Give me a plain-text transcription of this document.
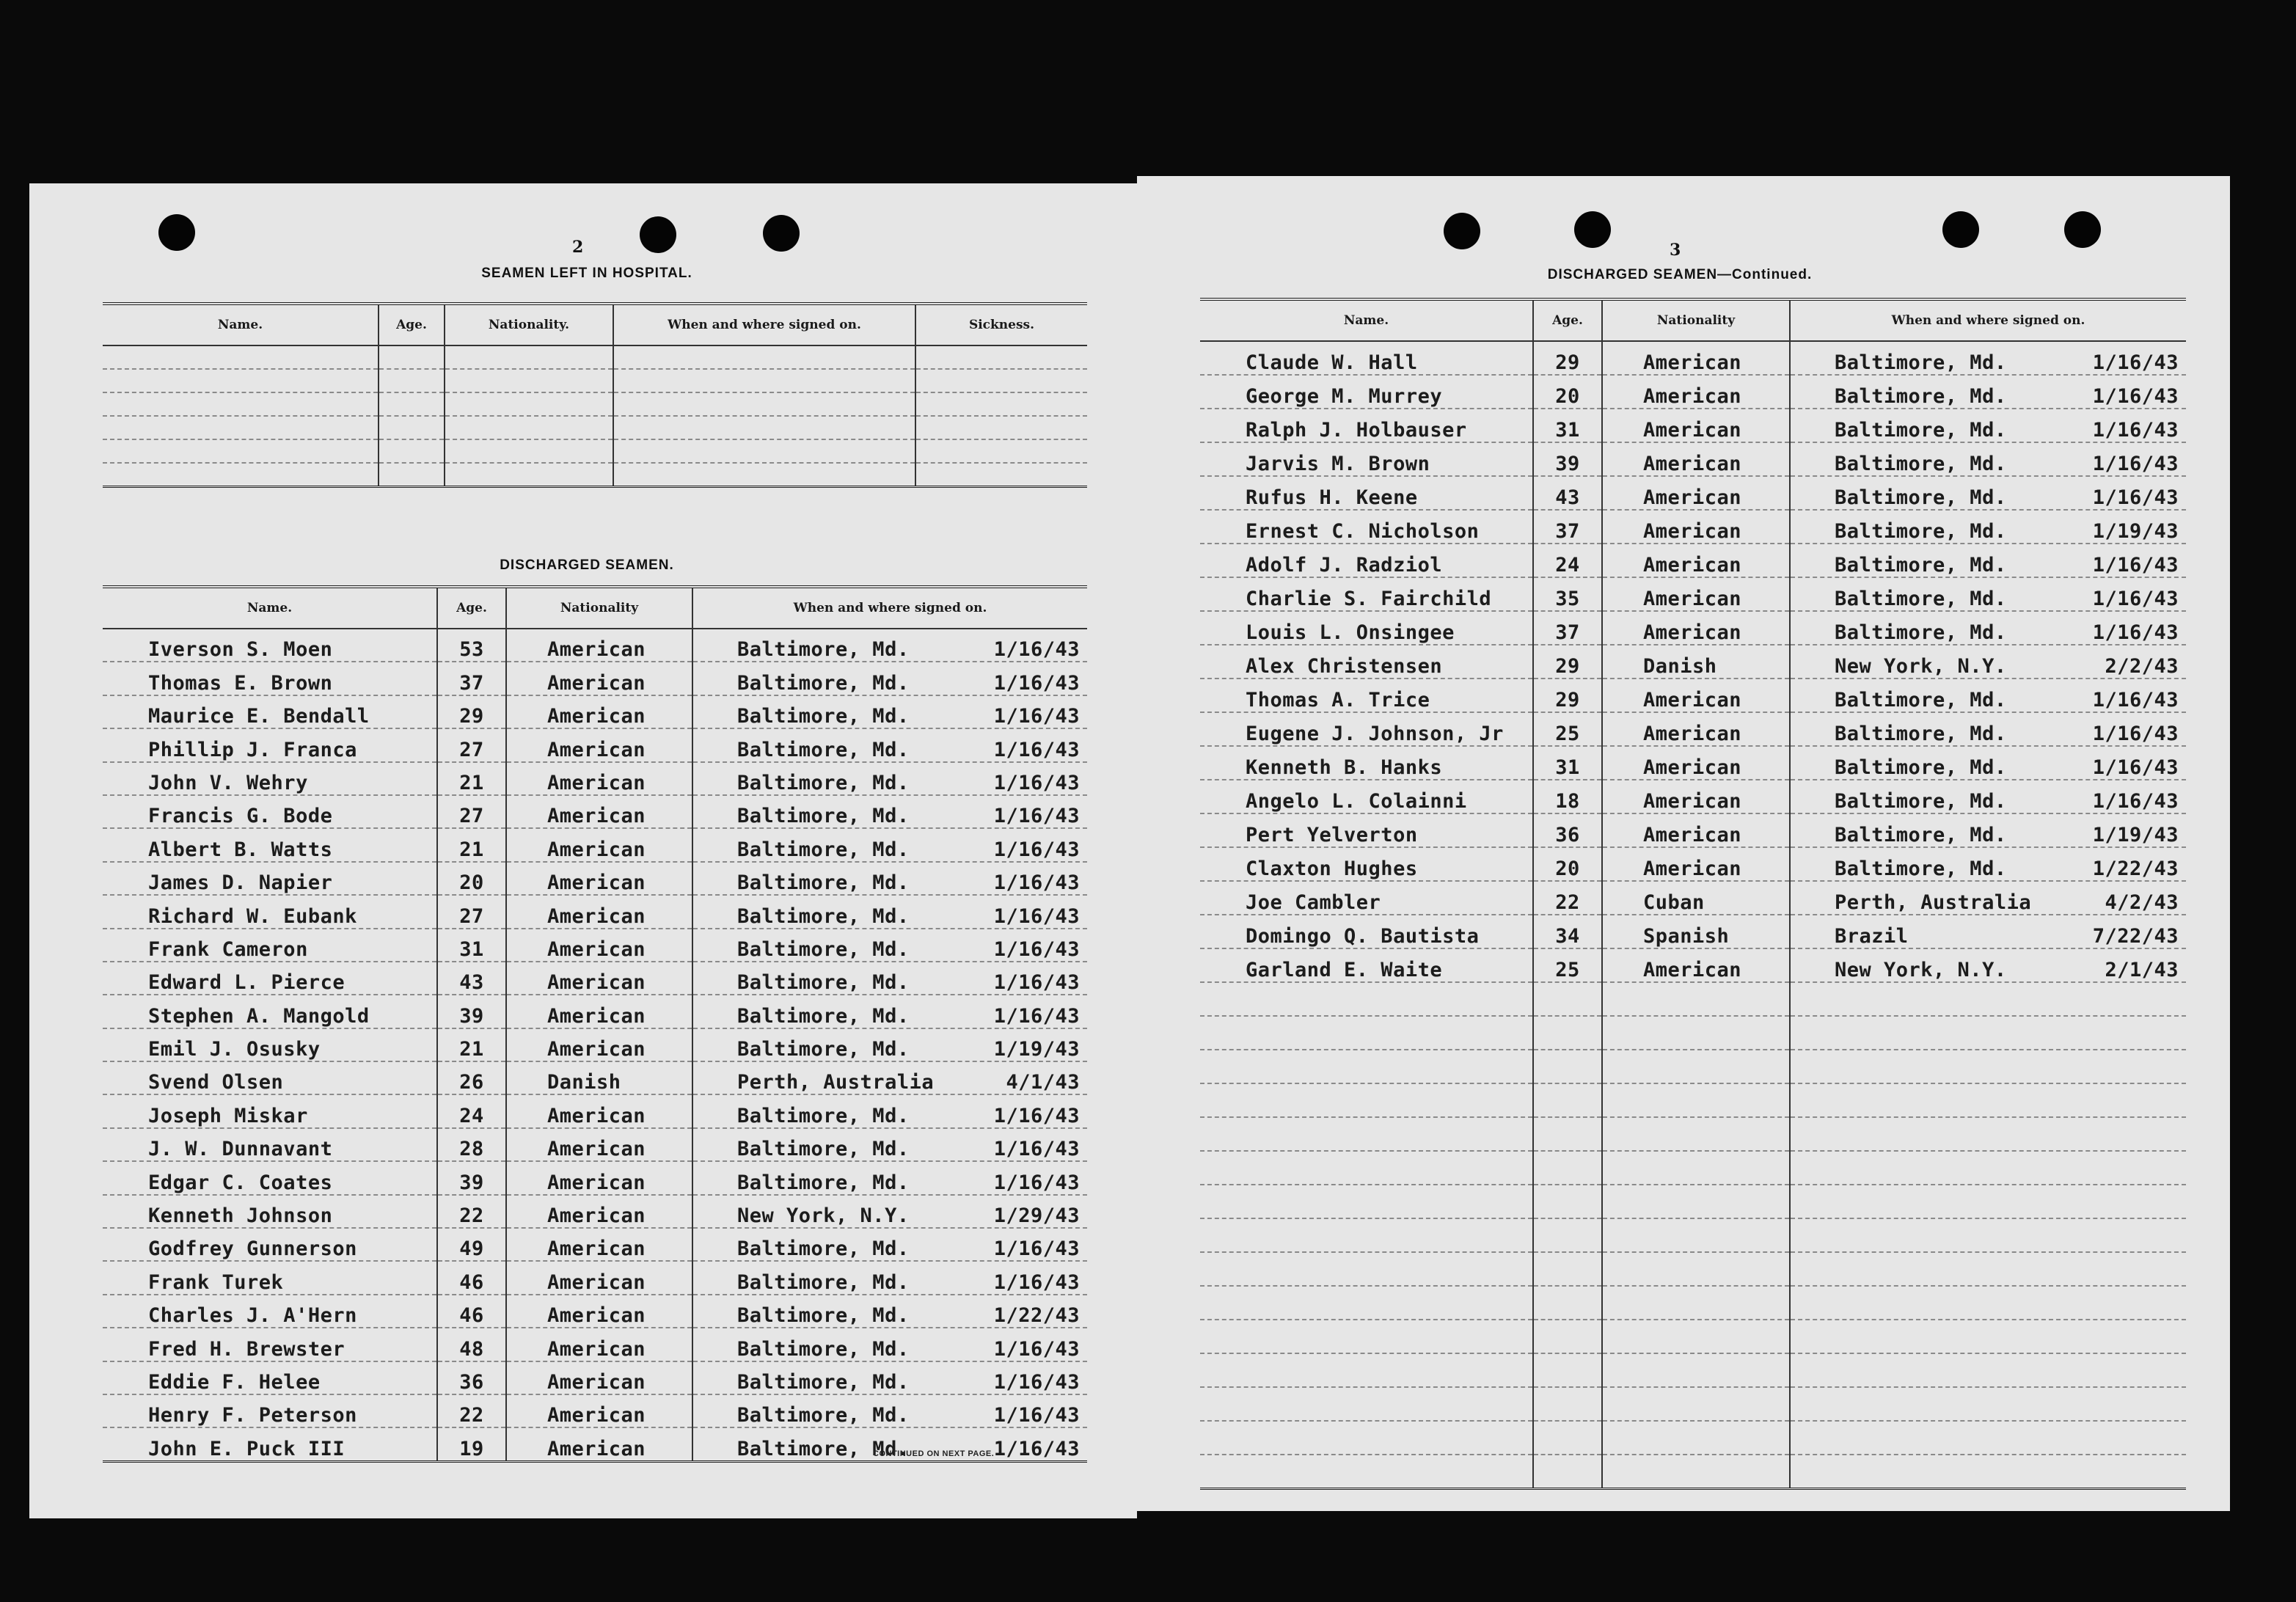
2
SEAMEN LEFT IN HOSPITAL.
Name.	Age.	Nationality.	When and where signed on.	Sickness.

DISCHARGED SEAMEN.
Name.	Age.	Nationality	When and where signed on.
Iverson S. Moen	53	American	Baltimore, Md. 1/16/43

Thomas E. Brown	37	American	Baltimore, Md. 1/16/43

Maurice E. Bendall	29	American	Baltimore, Md. 1/16/43

Phillip J. Franca	27	American	Baltimore, Md. 1/16/43

John V. Wehry	21	American	Baltimore, Md. 1/16/43

Francis G. Bode	27	American	Baltimore, Md. 1/16/43

Albert B. Watts	21	American	Baltimore, Md. 1/16/43

James D. Napier	20	American	Baltimore, Md. 1/16/43

Richard W. Eubank	27	American	Baltimore, Md. 1/16/43

Frank Cameron	31	American	Baltimore, Md. 1/16/43

Edward L. Pierce	43	American	Baltimore, Md. 1/16/43

Stephen A. Mangold	39	American	Baltimore, Md. 1/16/43

Emil J. Osusky	21	American	Baltimore, Md. 1/19/43

Svend Olsen	26	Danish	Perth, Australia 4/1/43

Joseph Miskar	24	American	Baltimore, Md. 1/16/43

J. W. Dunnavant	28	American	Baltimore, Md. 1/16/43

Edgar C. Coates	39	American	Baltimore, Md. 1/16/43

Kenneth Johnson	22	American	New York, N.Y. 1/29/43

Godfrey Gunnerson	49	American	Baltimore, Md. 1/16/43

Frank Turek	46	American	Baltimore, Md. 1/16/43

Charles J. A'Hern	46	American	Baltimore, Md. 1/22/43

Fred H. Brewster	48	American	Baltimore, Md. 1/16/43

Eddie F. Helee	36	American	Baltimore, Md. 1/16/43

Henry F. Peterson	22	American	Baltimore, Md. 1/16/43

John E. Puck III	19	American	Baltimore, Md. 1/16/43
CONTINUED ON NEXT PAGE.
3
DISCHARGED SEAMEN—Continued.
Name.	Age.	Nationality	When and where signed on.
Claude W. Hall	29	American	Baltimore, Md. 1/16/43

George M. Murrey	20	American	Baltimore, Md. 1/16/43

Ralph J. Holbauser	31	American	Baltimore, Md. 1/16/43

Jarvis M. Brown	39	American	Baltimore, Md. 1/16/43

Rufus H. Keene	43	American	Baltimore, Md. 1/16/43

Ernest C. Nicholson	37	American	Baltimore, Md. 1/19/43

Adolf J. Radziol	24	American	Baltimore, Md. 1/16/43

Charlie S. Fairchild	35	American	Baltimore, Md. 1/16/43

Louis L. Onsingee	37	American	Baltimore, Md. 1/16/43

Alex Christensen	29	Danish	New York, N.Y. 2/2/43

Thomas A. Trice	29	American	Baltimore, Md. 1/16/43

Eugene J. Johnson, Jr	25	American	Baltimore, Md. 1/16/43

Kenneth B. Hanks	31	American	Baltimore, Md. 1/16/43

Angelo L. Colainni	18	American	Baltimore, Md. 1/16/43

Pert Yelverton	36	American	Baltimore, Md. 1/19/43

Claxton Hughes	20	American	Baltimore, Md. 1/22/43

Joe Cambler	22	Cuban	Perth, Australia 4/2/43

Domingo Q. Bautista	34	Spanish	Brazil 7/22/43

Garland E. Waite	25	American	New York, N.Y. 2/1/43
